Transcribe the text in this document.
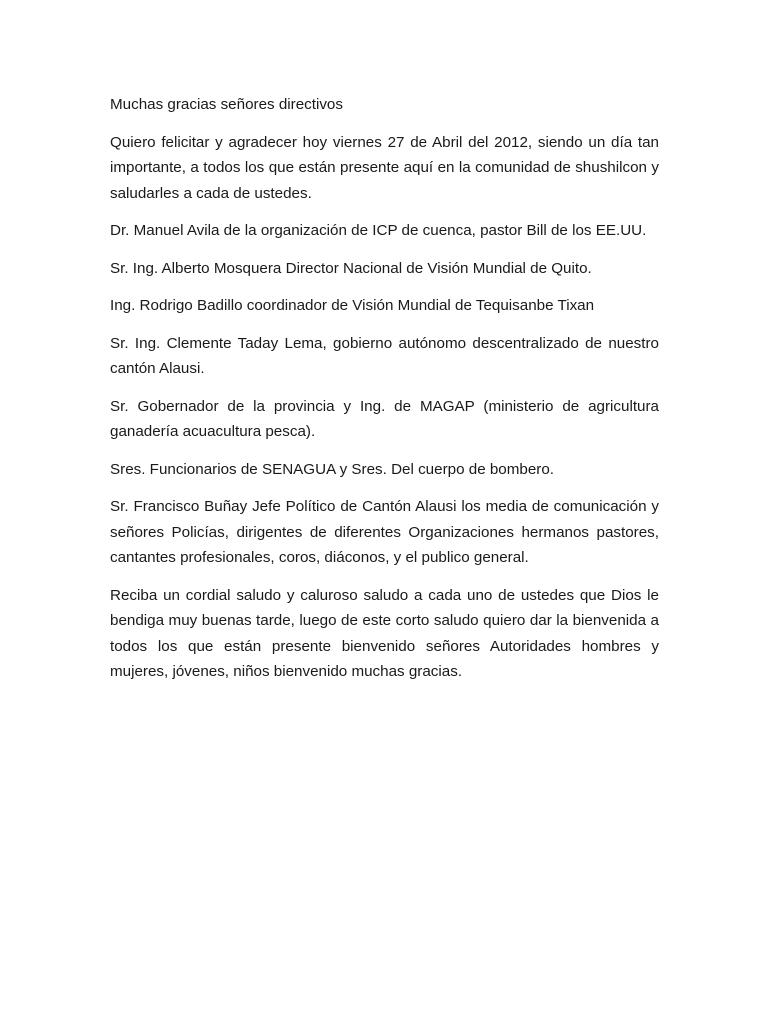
Muchas gracias señores directivos

Quiero felicitar y agradecer hoy viernes 27 de Abril del 2012, siendo un día tan importante, a todos los que están presente aquí en la comunidad de shushilcon y saludarles a cada de ustedes.

Dr. Manuel Avila de la organización de ICP de cuenca, pastor Bill de los EE.UU.

Sr. Ing. Alberto Mosquera Director Nacional de Visión Mundial de Quito.

Ing. Rodrigo Badillo coordinador de Visión Mundial de Tequisanbe Tixan

Sr. Ing. Clemente Taday Lema, gobierno autónomo descentralizado de nuestro cantón Alausi.

Sr. Gobernador de la provincia y Ing. de MAGAP (ministerio de agricultura ganadería acuacultura pesca).

Sres. Funcionarios de SENAGUA y Sres. Del cuerpo de bombero.

Sr. Francisco Buñay Jefe Político de Cantón Alausi los media de comunicación y señores Policías, dirigentes de diferentes Organizaciones hermanos pastores, cantantes profesionales, coros, diáconos, y el publico general.

Reciba un cordial saludo y caluroso saludo a cada uno de ustedes que Dios le bendiga muy buenas tarde, luego de este corto saludo quiero dar la bienvenida a todos los que están presente bienvenido señores Autoridades hombres y mujeres, jóvenes, niños bienvenido muchas gracias.
